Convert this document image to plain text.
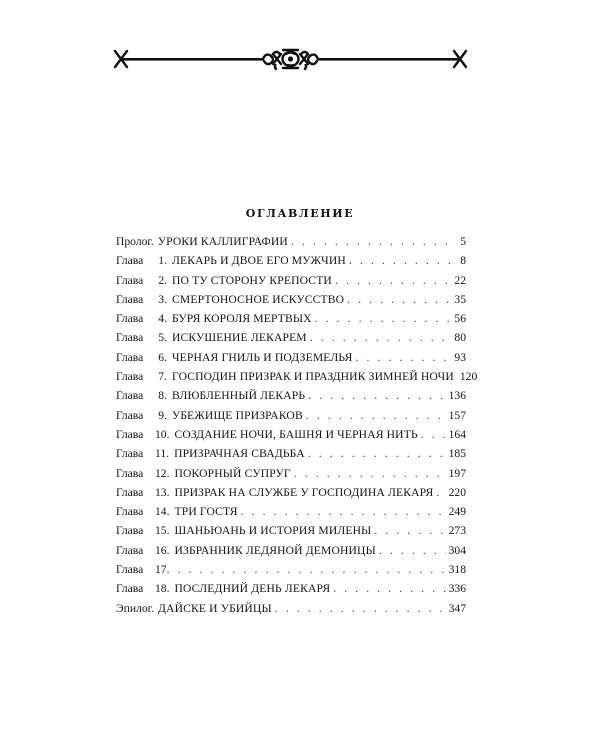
оглавление
Пролог. УРОКИ КАЛЛИГРАФИИ . . .	5
Глава	1. ЛЕКАРЬ И ДВОЕ ЕГО МУЖЧИН . . .	8
Глава	2. ПО ТУ СТОРОНУ КРЕПОСТИ . . .	22
Глава	3. СМЕРТОНОСНОЕ ИСКУССТВО . . .	35
Глава	4. БУРЯ КОРОЛЯ МЕРТВЫХ . . .	56
Глава	5. ИСКУШЕНИЕ ЛЕКАРЕМ . . .	80
Глава	6. ЧЕРНАЯ ГНИЛЬ И ПОДЗЕМЕЛЬЯ . . .	93
Глава	7. ГОСПОДИН ПРИЗРАК И ПРАЗДНИК ЗИМНЕЙ НОЧИ 120
Глава	8. ВЛЮБЛЕННЫЙ ЛЕКАРЬ . . .	136
Глава	9. УБЕЖИЩЕ ПРИЗРАКОВ . . .	157
Глава	10. СОЗДАНИЕ НОЧИ, БАШНЯ И ЧЕРНАЯ НИТЬ . . .	164
Глава	11. ПРИЗРАЧНАЯ СВАДЬБА . . .	185
Глава	12. ПОКОРНЫЙ СУПРУГ . . .	197
Глава	13. ПРИЗРАК НА СЛУЖБЕ У ГОСПОДИНА ЛЕКАРЯ . . . 220
Глава	14. ТРИ ГОСТЯ . . .	249
Глава	15. ШАНЬЮАНЬ И ИСТОРИЯ МИЛЕНЫ . . .	273
Глава	16. ИЗБРАННИК ЛЕДЯНОЙ ДЕМОНИЦЫ . . .	304
Глава	17. . . .	318
Глава	18. ПОСЛЕДНИЙ ДЕНЬ ЛЕКАРЯ . . .	336
Эпилог. ДАЙСКЕ И УБИЙЦЫ . . .	347
